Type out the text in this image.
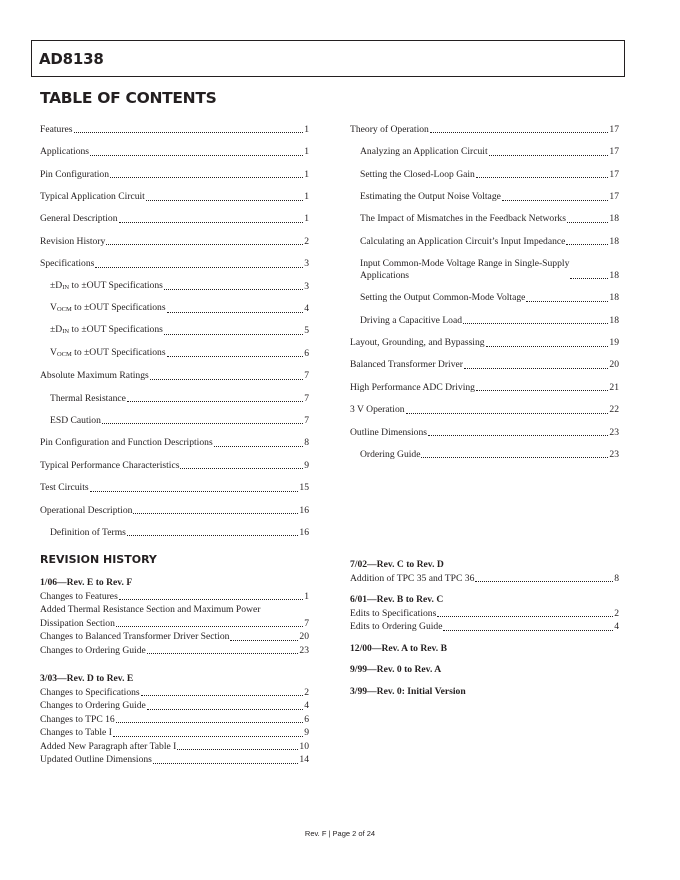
AD8138
TABLE OF CONTENTS
Features	1
Applications	1
Pin Configuration	1
Typical Application Circuit	1
General Description	1
Revision History	2
Specifications	3
±DIN to ±OUT Specifications	3
VOCM to ±OUT Specifications	4
±DIN to ±OUT Specifications	5
VOCM to ±OUT Specifications	6
Absolute Maximum Ratings	7
Thermal Resistance	7
ESD Caution	7
Pin Configuration and Function Descriptions	8
Typical Performance Characteristics	9
Test Circuits	15
Operational Description	16
Definition of Terms	16
Theory of Operation	17
Analyzing an Application Circuit	17
Setting the Closed-Loop Gain	17
Estimating the Output Noise Voltage	17
The Impact of Mismatches in the Feedback Networks	18
Calculating an Application Circuit’s Input Impedance	18
Input Common-Mode Voltage Range in Single-Supply
Applications	18
Setting the Output Common-Mode Voltage	18
Driving a Capacitive Load	18
Layout, Grounding, and Bypassing	19
Balanced Transformer Driver	20
High Performance ADC Driving	21
3 V Operation	22
Outline Dimensions	23
Ordering Guide	23
REVISION HISTORY
1/06—Rev. E to Rev. F
Changes to Features	1
Added Thermal Resistance Section and Maximum Power
Dissipation Section	7
Changes to Balanced Transformer Driver Section	20
Changes to Ordering Guide	23
3/03—Rev. D to Rev. E
Changes to Specifications	2
Changes to Ordering Guide	4
Changes to TPC 16	6
Changes to Table I	9
Added New Paragraph after Table I	10
Updated Outline Dimensions	14
7/02—Rev. C to Rev. D
Addition of TPC 35 and TPC 36	8
6/01—Rev. B to Rev. C
Edits to Specifications	2
Edits to Ordering Guide	4
12/00—Rev. A to Rev. B
9/99—Rev. 0 to Rev. A
3/99—Rev. 0: Initial Version
Rev. F | Page 2 of 24
